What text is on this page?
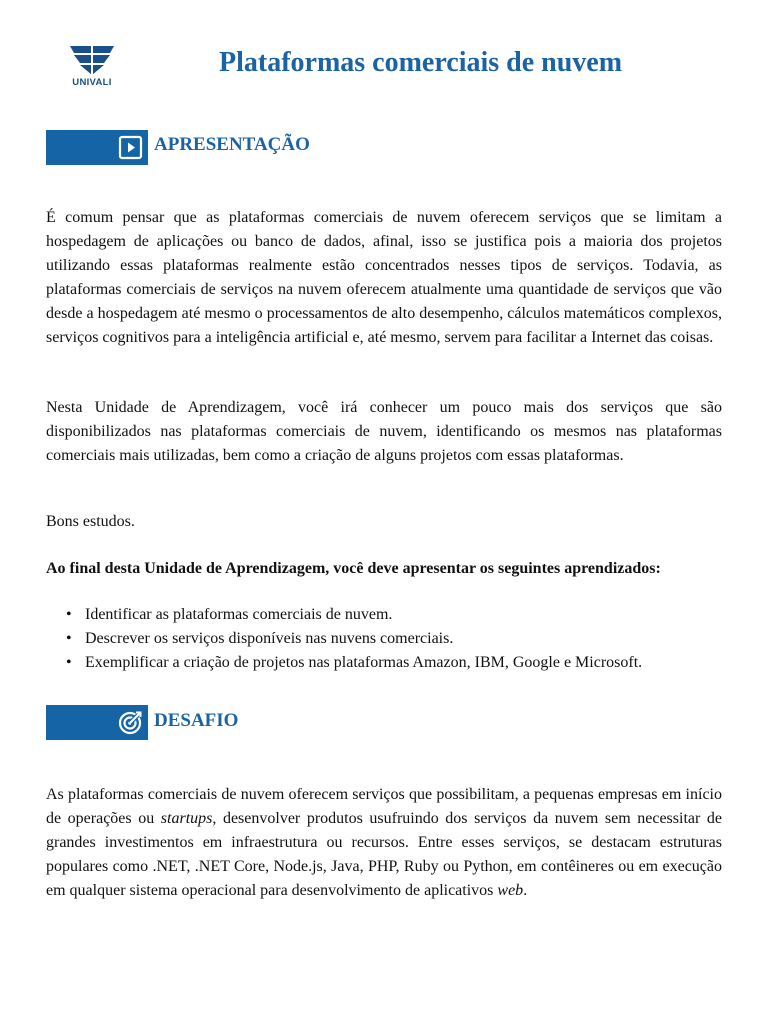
UNIVALI
Plataformas comerciais de nuvem
APRESENTAÇÃO

É comum pensar que as plataformas comerciais de nuvem oferecem serviços que se limitam a hospedagem de aplicações ou banco de dados, afinal, isso se justifica pois a maioria dos projetos utilizando essas plataformas realmente estão concentrados nesses tipos de serviços. Todavia, as plataformas comerciais de serviços na nuvem oferecem atualmente uma quantidade de serviços que vão desde a hospedagem até mesmo o processamentos de alto desempenho, cálculos matemáticos complexos, serviços cognitivos para a inteligência artificial e, até mesmo, servem para facilitar a Internet das coisas.

Nesta Unidade de Aprendizagem, você irá conhecer um pouco mais dos serviços que são disponibilizados nas plataformas comerciais de nuvem, identificando os mesmos nas plataformas comerciais mais utilizadas, bem como a criação de alguns projetos com essas plataformas.

Bons estudos.

Ao final desta Unidade de Aprendizagem, você deve apresentar os seguintes aprendizados:
• Identificar as plataformas comerciais de nuvem.
• Descrever os serviços disponíveis nas nuvens comerciais.
• Exemplificar a criação de projetos nas plataformas Amazon, IBM, Google e Microsoft.
DESAFIO

As plataformas comerciais de nuvem oferecem serviços que possibilitam, a pequenas empresas em início de operações ou startups, desenvolver produtos usufruindo dos serviços da nuvem sem necessitar de grandes investimentos em infraestrutura ou recursos. Entre esses serviços, se destacam estruturas populares como .NET, .NET Core, Node.js, Java, PHP, Ruby ou Python, em contêineres ou em execução em qualquer sistema operacional para desenvolvimento de aplicativos web.
